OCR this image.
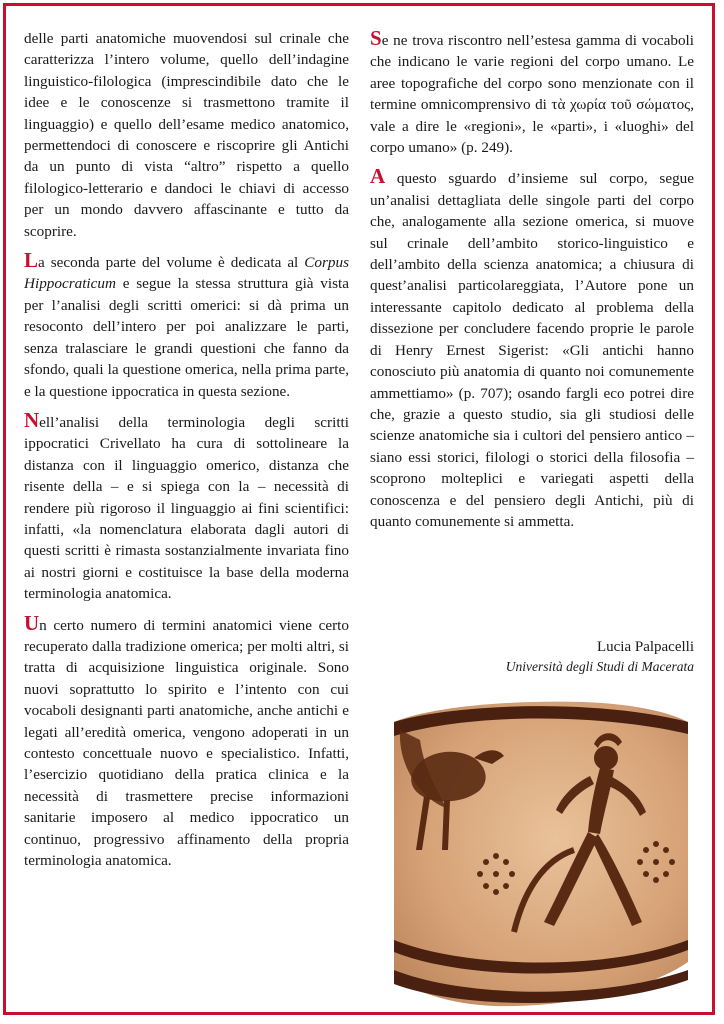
delle parti anatomiche muovendosi sul crinale che caratterizza l’intero volume, quello dell’indagine linguistico-filologica (imprescindibile dato che le idee e le conoscenze si trasmettono tramite il linguaggio) e quello dell’esame medico anatomico, permettendoci di conoscere e riscoprire gli Antichi da un punto di vista “altro” rispetto a quello filologico-letterario e dandoci le chiavi di accesso per un mondo davvero affascinante e tutto da scoprire.

La seconda parte del volume è dedicata al Corpus Hippocraticum e segue la stessa struttura già vista per l’analisi degli scritti omerici: si dà prima un resoconto dell’intero per poi analizzare le parti, senza tralasciare le grandi questioni che fanno da sfondo, quali la questione omerica, nella prima parte, e la questione ippocratica in questa sezione.

Nell’analisi della terminologia degli scritti ippocratici Crivellato ha cura di sottolineare la distanza con il linguaggio omerico, distanza che risente della – e si spiega con la – necessità di rendere più rigoroso il linguaggio ai fini scientifici: infatti, «la nomenclatura elaborata dagli autori di questi scritti è rimasta sostanzialmente invariata fino ai nostri giorni e costituisce la base della moderna terminologia anatomica.

Un certo numero di termini anatomici viene certo recuperato dalla tradizione omerica; per molti altri, si tratta di acquisizione linguistica originale. Sono nuovi soprattutto lo spirito e l’intento con cui vocaboli designanti parti anatomiche, anche antichi e legati all’eredità omerica, vengono adoperati in un contesto concettuale nuovo e specialistico. Infatti, l’esercizio quotidiano della pratica clinica e la necessità di trasmettere precise informazioni sanitarie imposero al medico ippocratico un continuo, progressivo affinamento della propria terminologia anatomica.

Se ne trova riscontro nell’estesa gamma di vocaboli che indicano le varie regioni del corpo umano. Le aree topografiche del corpo sono menzionate con il termine omnicomprensivo di τὰ χωρία τοῦ σώματος, vale a dire le «regioni», le «parti», i «luoghi» del corpo umano» (p. 249).

A questo sguardo d’insieme sul corpo, segue un’analisi dettagliata delle singole parti del corpo che, analogamente alla sezione omerica, si muove sul crinale dell’ambito storico-linguistico e dell’ambito della scienza anatomica; a chiusura di quest’analisi particolareggiata, l’Autore pone un interessante capitolo dedicato al problema della dissezione per concludere facendo proprie le parole di Henry Ernest Sigerist: «Gli antichi hanno conosciuto più anatomia di quanto noi comunemente ammettiamo» (p. 707); osando fargli eco potrei dire che, grazie a questo studio, sia gli studiosi delle scienze anatomiche sia i cultori del pensiero antico – siano essi storici, filologi o storici della filosofia – scoprono molteplici e variegati aspetti della conoscenza e del pensiero degli Antichi, più di quanto comunemente si ammetta.

Lucia Palpacelli
Università degli Studi di Macerata
